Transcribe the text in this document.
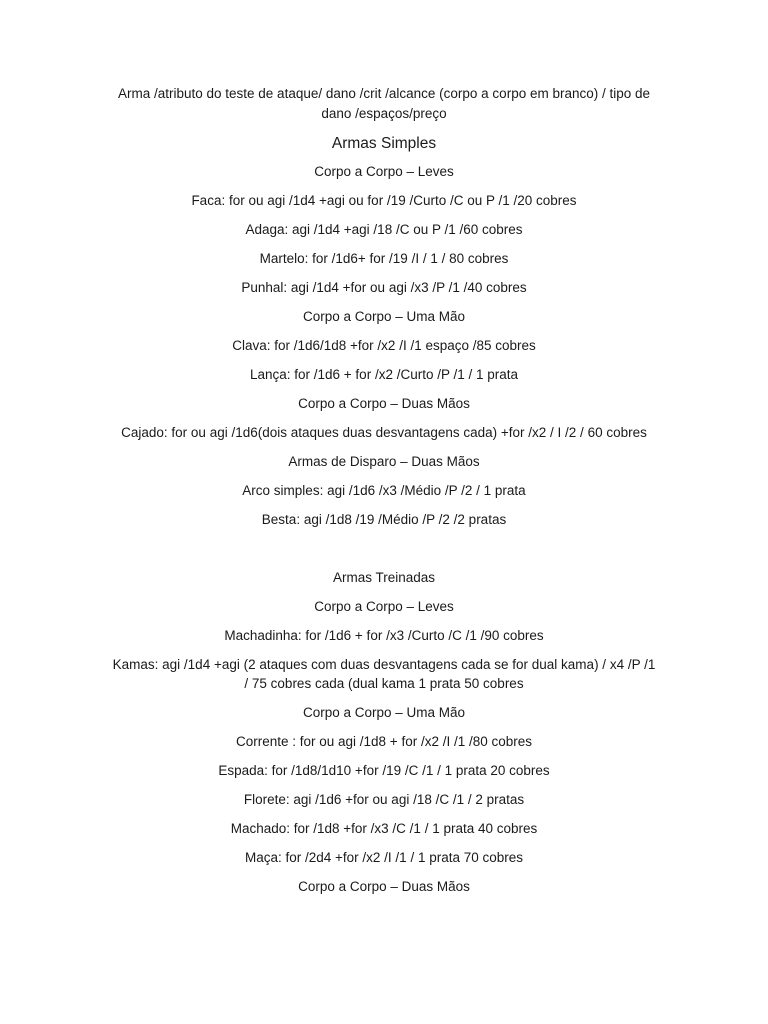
Arma /atributo do teste de ataque/ dano /crit /alcance (corpo a corpo em branco) / tipo de dano /espaços/preço
Armas Simples
Corpo a Corpo – Leves
Faca: for ou agi /1d4 +agi ou for /19 /Curto /C ou P /1 /20 cobres
Adaga: agi /1d4 +agi /18 /C ou P /1 /60 cobres
Martelo: for /1d6+ for /19 /I / 1 / 80 cobres
Punhal: agi /1d4 +for ou agi /x3 /P /1 /40 cobres
Corpo a Corpo – Uma Mão
Clava: for /1d6/1d8 +for /x2 /I /1 espaço /85 cobres
Lança: for /1d6 + for /x2 /Curto /P /1 / 1 prata
Corpo a Corpo – Duas Mãos
Cajado: for ou agi /1d6(dois ataques duas desvantagens cada) +for /x2 / I /2 / 60 cobres
Armas de Disparo – Duas Mãos
Arco simples: agi /1d6 /x3 /Médio /P /2 / 1 prata
Besta: agi /1d8 /19 /Médio /P /2 /2 pratas
Armas Treinadas
Corpo a Corpo – Leves
Machadinha: for /1d6 + for /x3 /Curto /C /1 /90 cobres
Kamas: agi /1d4 +agi (2 ataques com duas desvantagens cada se for dual kama) / x4 /P /1 / 75 cobres cada (dual kama 1 prata 50 cobres
Corpo a Corpo – Uma Mão
Corrente : for ou agi /1d8 + for /x2 /I /1 /80 cobres
Espada: for /1d8/1d10 +for /19 /C /1 / 1 prata 20 cobres
Florete: agi /1d6 +for ou agi /18 /C /1 / 2 pratas
Machado: for /1d8 +for /x3 /C /1 / 1 prata 40 cobres
Maça: for /2d4 +for /x2 /I /1 / 1 prata 70 cobres
Corpo a Corpo – Duas Mãos
